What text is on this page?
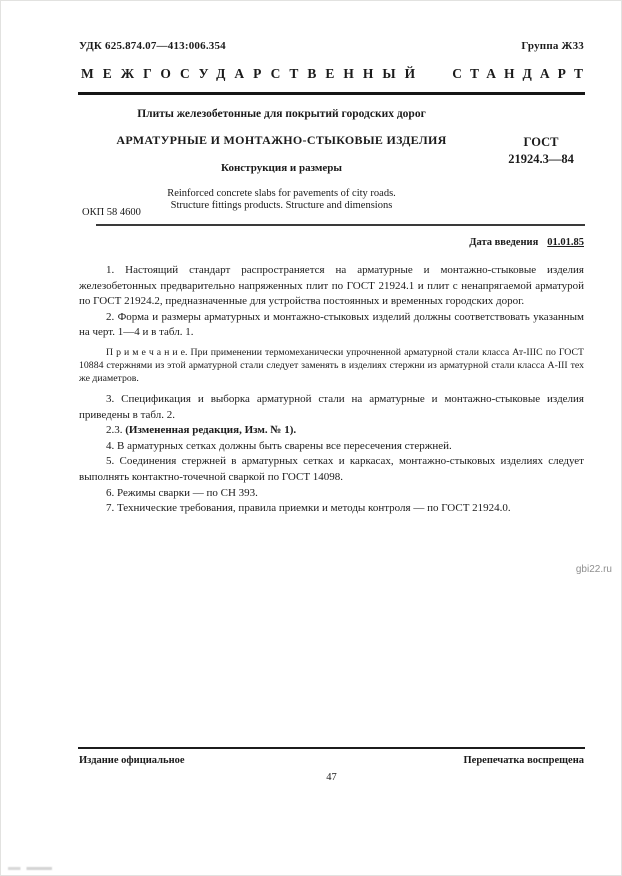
УДК 625.874.07—413:006.354	Группа Ж33
МЕЖГОСУДАРСТВЕННЫЙ СТАНДАРТ
Плиты железобетонные для покрытий городских дорог
АРМАТУРНЫЕ И МОНТАЖНО-СТЫКОВЫЕ ИЗДЕЛИЯ
Конструкция и размеры
Reinforced concrete slabs for pavements of city roads.
Structure fittings products. Structure and dimensions
ГОСТ
21924.3—84
ОКП 58 4600
Дата введения 01.01.85

1. Настоящий стандарт распространяется на арматурные и монтажно-стыковые изделия железобетонных предварительно напряженных плит по ГОСТ 21924.1 и плит с ненапрягаемой арматурой по ГОСТ 21924.2, предназначенные для устройства постоянных и временных городских дорог.

2. Форма и размеры арматурных и монтажно-стыковых изделий должны соответствовать указанным на черт. 1—4 и в табл. 1.

П р и м е ч а н и е. При применении термомеханически упрочненной арматурной стали класса Ат-IIIС по ГОСТ 10884 стержнями из этой арматурной стали следует заменять в изделиях стержни из арматурной стали класса А-III тех же диаметров.

3. Спецификация и выборка арматурной стали на арматурные и монтажно-стыковые изделия приведены в табл. 2.

2.3. (Измененная редакция, Изм. № 1).

4. В арматурных сетках должны быть сварены все пересечения стержней.

5. Соединения стержней в арматурных сетках и каркасах, монтажно-стыковых изделиях следует выполнять контактно-точечной сваркой по ГОСТ 14098.

6. Режимы сварки — по СН 393.

7. Технические требования, правила приемки и методы контроля — по ГОСТ 21924.0.

gbi22.ru
Издание официальное	Перепечатка воспрещена
47
